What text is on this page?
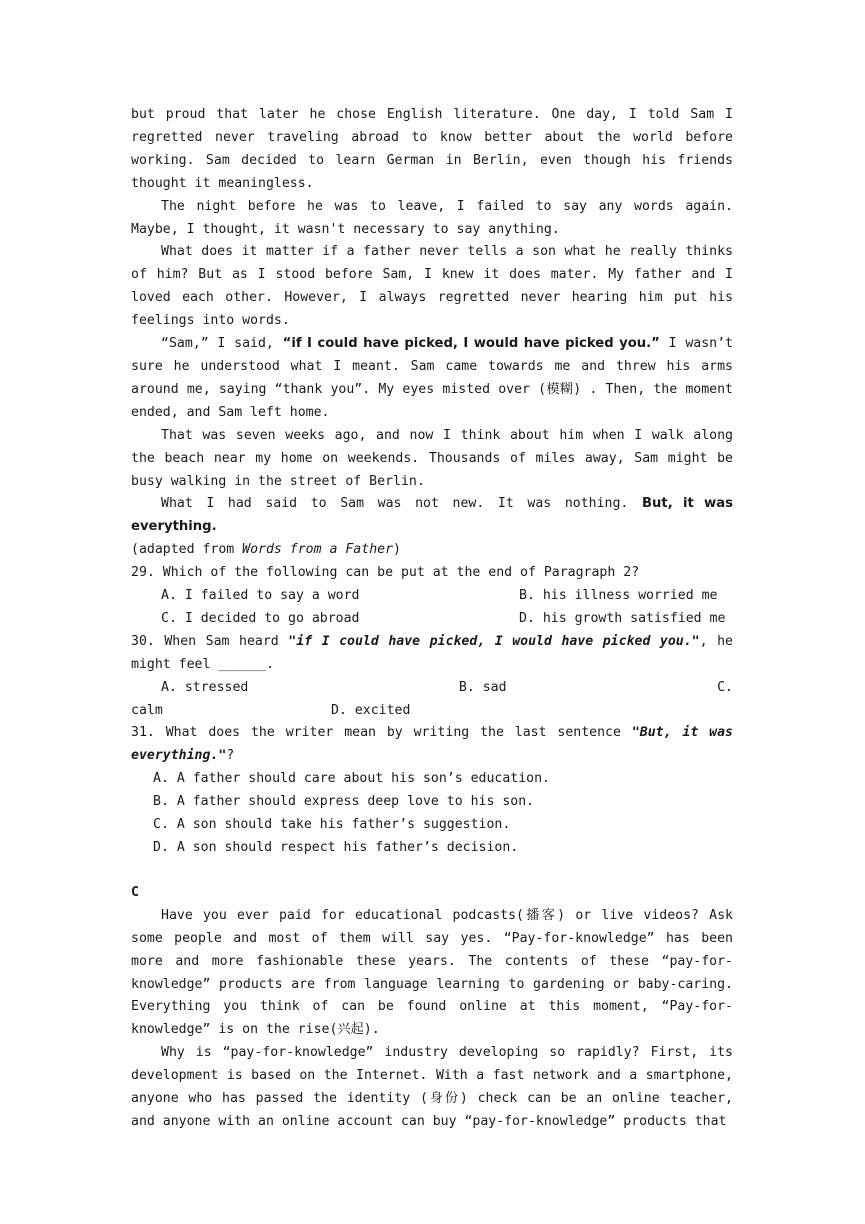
but proud that later he chose English literature. One day, I told Sam I regretted never traveling abroad to know better about the world before working. Sam decided to learn German in Berlin, even though his friends thought it meaningless.

The night before he was to leave, I failed to say any words again. Maybe, I thought, it wasn't necessary to say anything.

What does it matter if a father never tells a son what he really thinks of him? But as I stood before Sam, I knew it does mater. My father and I loved each other. However, I always regretted never hearing him put his feelings into words.

“Sam,” I said, “if I could have picked, I would have picked you.” I wasn’t sure he understood what I meant. Sam came towards me and threw his arms around me, saying “thank you”. My eyes misted over (模糊) . Then, the moment ended, and Sam left home.

That was seven weeks ago, and now I think about him when I walk along the beach near my home on weekends. Thousands of miles away, Sam might be busy walking in the street of Berlin.

What I had said to Sam was not new. It was nothing. But, it was everything.

(adapted from Words from a Father)

29. Which of the following can be put at the end of Paragraph 2?

A. I failed to say a word	B. his illness worried me
C. I decided to go abroad	D. his growth satisfied me

30. When Sam heard "if I could have picked, I would have picked you.", he might feel ______.

A. stressed	B. sad	C.
calm	D. excited

31. What does the writer mean by writing the last sentence "But, it was everything."?

A. A father should care about his son’s education.

B. A father should express deep love to his son.

C. A son should take his father’s suggestion.

D. A son should respect his father’s decision.

C

Have you ever paid for educational podcasts(播客) or live videos? Ask some people and most of them will say yes. “Pay-for-knowledge” has been more and more fashionable these years. The contents of these “pay-for-knowledge” products are from language learning to gardening or baby-caring. Everything you think of can be found online at this moment, “Pay-for-knowledge” is on the rise(兴起).

Why is “pay-for-knowledge” industry developing so rapidly? First, its development is based on the Internet. With a fast network and a smartphone, anyone who has passed the identity (身份) check can be an online teacher, and anyone with an online account can buy “pay-for-knowledge” products that
